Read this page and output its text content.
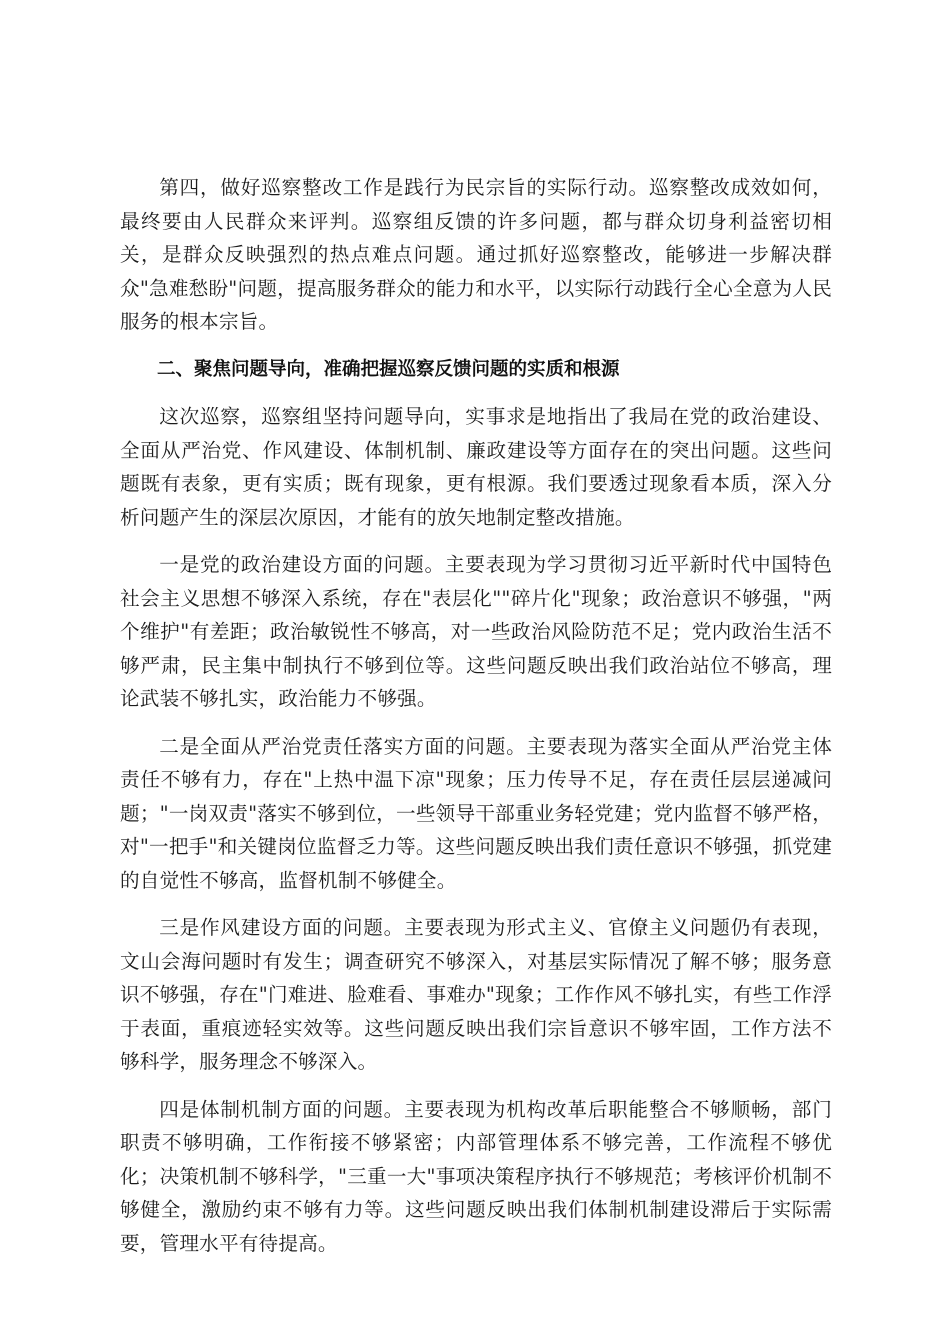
第四，做好巡察整改工作是践行为民宗旨的实际行动。巡察整改成效如何，最终要由人民群众来评判。巡察组反馈的许多问题，都与群众切身利益密切相关，是群众反映强烈的热点难点问题。通过抓好巡察整改，能够进一步解决群众"急难愁盼"问题，提高服务群众的能力和水平，以实际行动践行全心全意为人民服务的根本宗旨。

二、聚焦问题导向，准确把握巡察反馈问题的实质和根源

这次巡察，巡察组坚持问题导向，实事求是地指出了我局在党的政治建设、全面从严治党、作风建设、体制机制、廉政建设等方面存在的突出问题。这些问题既有表象，更有实质；既有现象，更有根源。我们要透过现象看本质，深入分析问题产生的深层次原因，才能有的放矢地制定整改措施。

一是党的政治建设方面的问题。主要表现为学习贯彻习近平新时代中国特色社会主义思想不够深入系统，存在"表层化""碎片化"现象；政治意识不够强，"两个维护"有差距；政治敏锐性不够高，对一些政治风险防范不足；党内政治生活不够严肃，民主集中制执行不够到位等。这些问题反映出我们政治站位不够高，理论武装不够扎实，政治能力不够强。

二是全面从严治党责任落实方面的问题。主要表现为落实全面从严治党主体责任不够有力，存在"上热中温下凉"现象；压力传导不足，存在责任层层递减问题；"一岗双责"落实不够到位，一些领导干部重业务轻党建；党内监督不够严格，对"一把手"和关键岗位监督乏力等。这些问题反映出我们责任意识不够强，抓党建的自觉性不够高，监督机制不够健全。

三是作风建设方面的问题。主要表现为形式主义、官僚主义问题仍有表现，文山会海问题时有发生；调查研究不够深入，对基层实际情况了解不够；服务意识不够强，存在"门难进、脸难看、事难办"现象；工作作风不够扎实，有些工作浮于表面，重痕迹轻实效等。这些问题反映出我们宗旨意识不够牢固，工作方法不够科学，服务理念不够深入。

四是体制机制方面的问题。主要表现为机构改革后职能整合不够顺畅，部门职责不够明确，工作衔接不够紧密；内部管理体系不够完善，工作流程不够优化；决策机制不够科学，"三重一大"事项决策程序执行不够规范；考核评价机制不够健全，激励约束不够有力等。这些问题反映出我们体制机制建设滞后于实际需要，管理水平有待提高。
